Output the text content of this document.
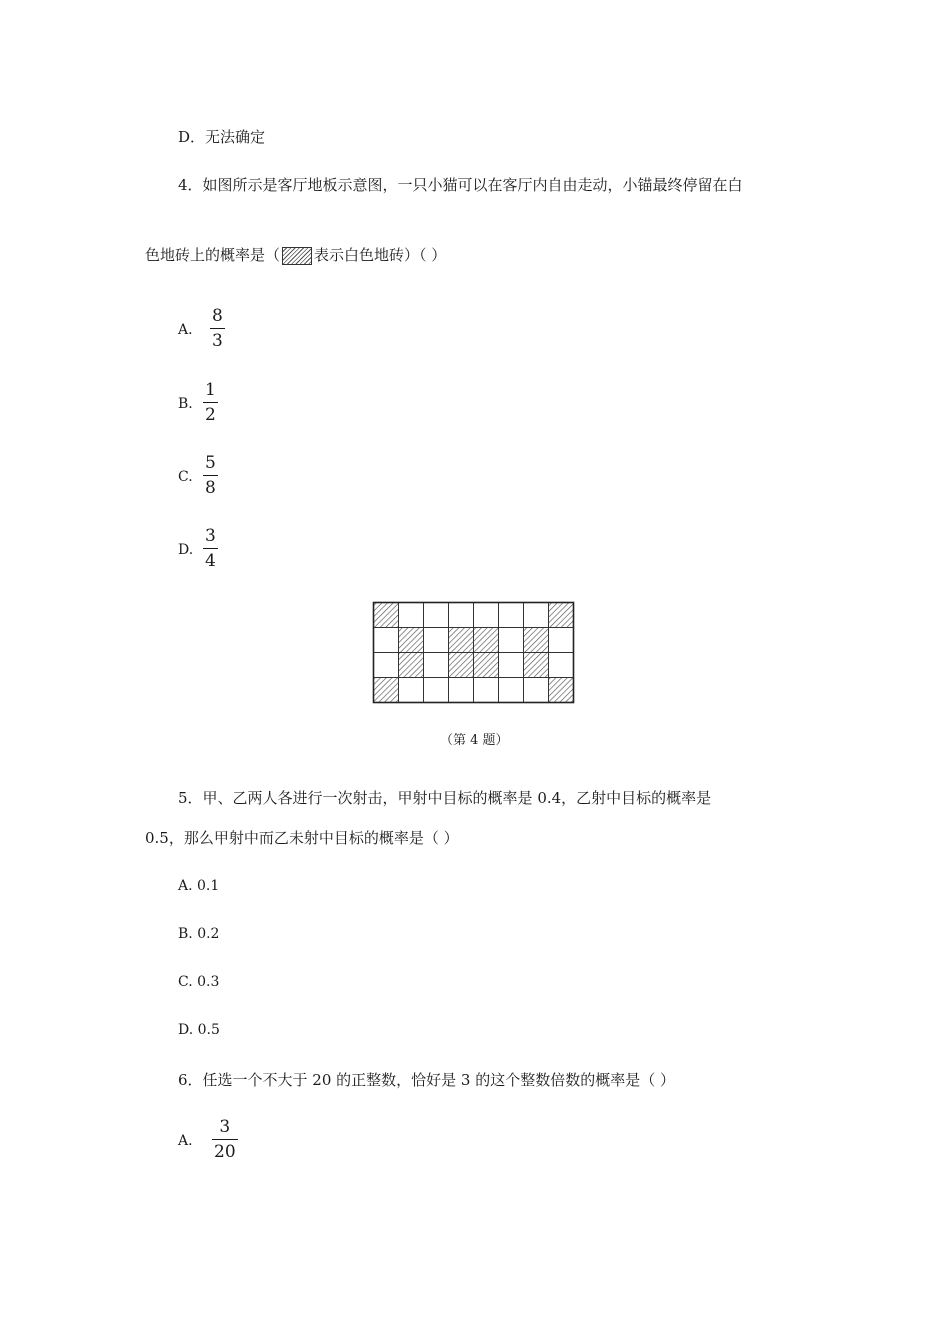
D．无法确定
4．如图所示是客厅地板示意图，一只小猫可以在客厅内自由走动，小锚最终停留在白
色地砖上的概率是（ 表示白色地砖）（ ）
A.
8
3
B.
1
2
C.
5
8
D.
3
4
（第 4 题）
5．甲、乙两人各进行一次射击，甲射中目标的概率是 0.4，乙射中目标的概率是
0.5，那么甲射中而乙未射中目标的概率是（ ）
A. 0.1
B. 0.2
C. 0.3
D. 0.5
6．任选一个不大于 20 的正整数，恰好是 3 的这个整数倍数的概率是（ ）
A.
3
20
